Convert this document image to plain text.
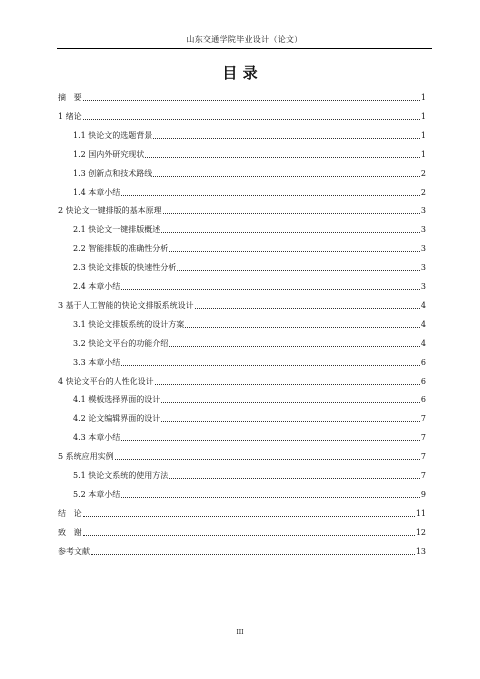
山东交通学院毕业设计（论文）
目 录
摘 要	1
1 绪论	1
1.1 快论文的选题背景	1
1.2 国内外研究现状	1
1.3 创新点和技术路线	2
1.4 本章小结	2
2 快论文一键排版的基本原理	3
2.1 快论文一键排版概述	3
2.2 智能排版的准确性分析	3
2.3 快论文排版的快速性分析	3
2.4 本章小结	3
3 基于人工智能的快论文排版系统设计	4
3.1 快论文排版系统的设计方案	4
3.2 快论文平台的功能介绍	4
3.3 本章小结	6
4 快论文平台的人性化设计	6
4.1 模板选择界面的设计	6
4.2 论文编辑界面的设计	7
4.3 本章小结	7
5 系统应用实例	7
5.1 快论文系统的使用方法	7
5.2 本章小结	9
结 论	11
致 谢	12
参考文献	13
III
